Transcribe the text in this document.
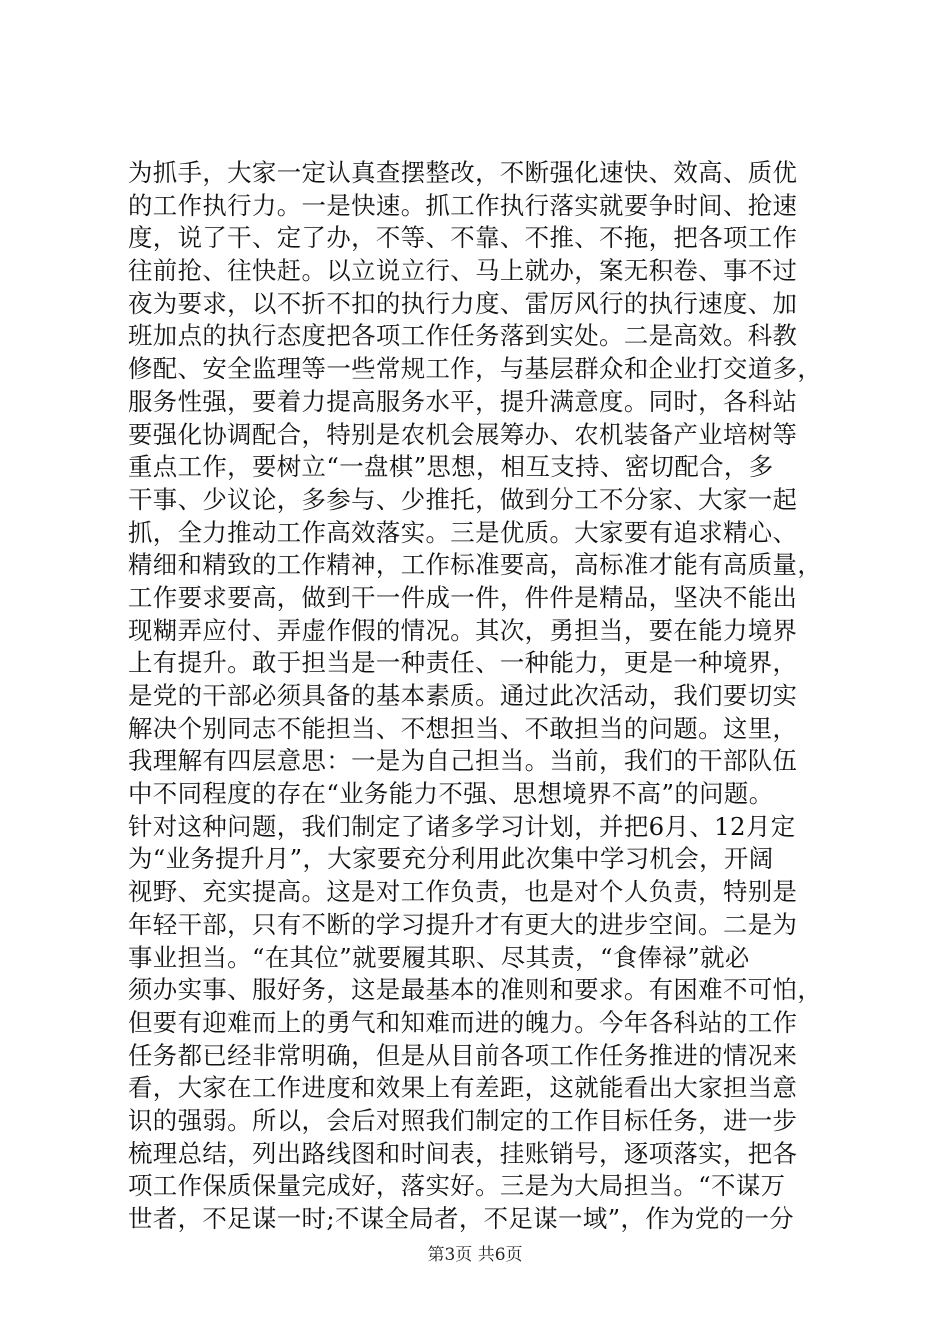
为抓手，大家一定认真查摆整改，不断强化速快、效高、质优
的工作执行力。一是快速。抓工作执行落实就要争时间、抢速
度，说了干、定了办，不等、不靠、不推、不拖，把各项工作
往前抢、往快赶。以立说立行、马上就办，案无积卷、事不过
夜为要求，以不折不扣的执行力度、雷厉风行的执行速度、加
班加点的执行态度把各项工作任务落到实处。二是高效。科教
修配、安全监理等一些常规工作，与基层群众和企业打交道多，
服务性强，要着力提高服务水平，提升满意度。同时，各科站
要强化协调配合，特别是农机会展筹办、农机装备产业培树等
重点工作，要树立“一盘棋”思想，相互支持、密切配合，多
干事、少议论，多参与、少推托，做到分工不分家、大家一起
抓，全力推动工作高效落实。三是优质。大家要有追求精心、
精细和精致的工作精神，工作标准要高，高标准才能有高质量，
工作要求要高，做到干一件成一件，件件是精品，坚决不能出
现糊弄应付、弄虚作假的情况。其次，勇担当，要在能力境界
上有提升。敢于担当是一种责任、一种能力，更是一种境界，
是党的干部必须具备的基本素质。通过此次活动，我们要切实
解决个别同志不能担当、不想担当、不敢担当的问题。这里，
我理解有四层意思：一是为自己担当。当前，我们的干部队伍
中不同程度的存在“业务能力不强、思想境界不高”的问题。
针对这种问题，我们制定了诸多学习计划，并把6月、12月定
为“业务提升月”，大家要充分利用此次集中学习机会，开阔
视野、充实提高。这是对工作负责，也是对个人负责，特别是
年轻干部，只有不断的学习提升才有更大的进步空间。二是为
事业担当。“在其位”就要履其职、尽其责，“食俸禄”就必
须办实事、服好务，这是最基本的准则和要求。有困难不可怕，
但要有迎难而上的勇气和知难而进的魄力。今年各科站的工作
任务都已经非常明确，但是从目前各项工作任务推进的情况来
看，大家在工作进度和效果上有差距，这就能看出大家担当意
识的强弱。所以，会后对照我们制定的工作目标任务，进一步
梳理总结，列出路线图和时间表，挂账销号，逐项落实，把各
项工作保质保量完成好，落实好。三是为大局担当。“不谋万
世者，不足谋一时;不谋全局者，不足谋一域”，作为党的一分
第3页 共6页
